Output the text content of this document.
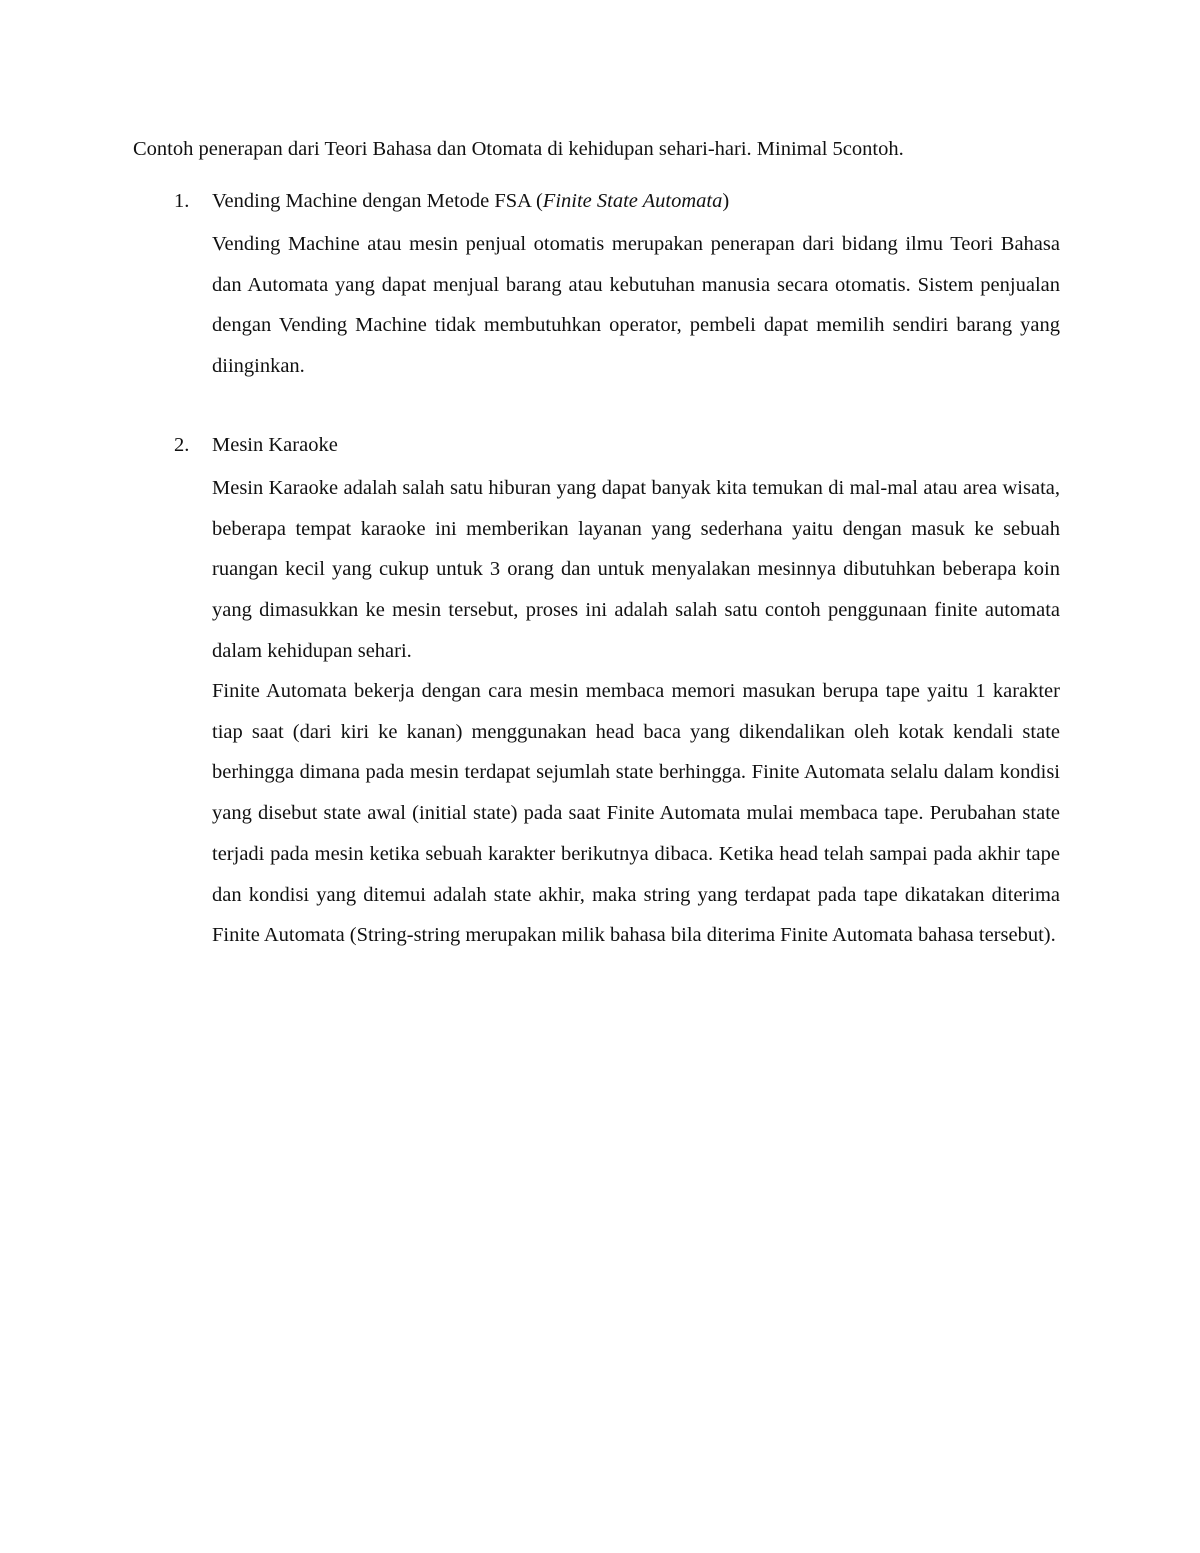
Contoh penerapan dari Teori Bahasa dan Otomata di kehidupan sehari-hari. Minimal 5contoh.
1. Vending Machine dengan Metode FSA (Finite State Automata)

Vending Machine atau mesin penjual otomatis merupakan penerapan dari bidang ilmu Teori Bahasa dan Automata yang dapat menjual barang atau kebutuhan manusia secara otomatis. Sistem penjualan dengan Vending Machine tidak membutuhkan operator, pembeli dapat memilih sendiri barang yang diinginkan.

2. Mesin Karaoke

Mesin Karaoke adalah salah satu hiburan yang dapat banyak kita temukan di mal-mal atau area wisata, beberapa tempat karaoke ini memberikan layanan yang sederhana yaitu dengan masuk ke sebuah ruangan kecil yang cukup untuk 3 orang dan untuk menyalakan mesinnya dibutuhkan beberapa koin yang dimasukkan ke mesin tersebut, proses ini adalah salah satu contoh penggunaan finite automata dalam kehidupan sehari.

Finite Automata bekerja dengan cara mesin membaca memori masukan berupa tape yaitu 1 karakter tiap saat (dari kiri ke kanan) menggunakan head baca yang dikendalikan oleh kotak kendali state berhingga dimana pada mesin terdapat sejumlah state berhingga. Finite Automata selalu dalam kondisi yang disebut state awal (initial state) pada saat Finite Automata mulai membaca tape. Perubahan state terjadi pada mesin ketika sebuah karakter berikutnya dibaca. Ketika head telah sampai pada akhir tape dan kondisi yang ditemui adalah state akhir, maka string yang terdapat pada tape dikatakan diterima Finite Automata (String-string merupakan milik bahasa bila diterima Finite Automata bahasa tersebut).
